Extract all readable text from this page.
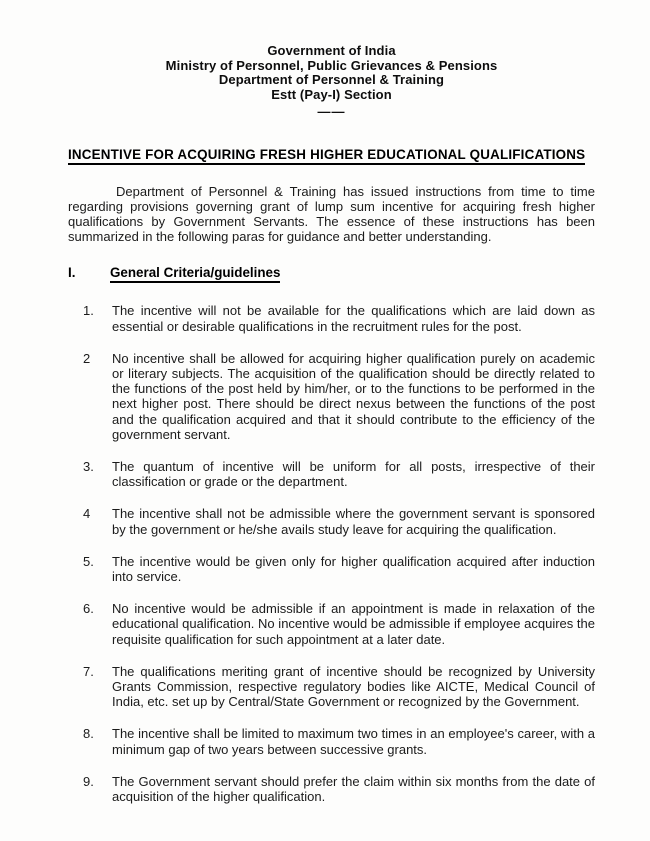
Government of India
Ministry of Personnel, Public Grievances & Pensions
Department of Personnel & Training
Estt (Pay-I) Section
——
INCENTIVE FOR ACQUIRING FRESH HIGHER EDUCATIONAL QUALIFICATIONS

Department of Personnel & Training has issued instructions from time to time regarding provisions governing grant of lump sum incentive for acquiring fresh higher qualifications by Government Servants. The essence of these instructions has been summarized in the following paras for guidance and better understanding.

I.	General Criteria/guidelines
1.	The incentive will not be available for the qualifications which are laid down as essential or desirable qualifications in the recruitment rules for the post.
2	No incentive shall be allowed for acquiring higher qualification purely on academic or literary subjects. The acquisition of the qualification should be directly related to the functions of the post held by him/her, or to the functions to be performed in the next higher post. There should be direct nexus between the functions of the post and the qualification acquired and that it should contribute to the efficiency of the government servant.
3.	The quantum of incentive will be uniform for all posts, irrespective of their classification or grade or the department.
4	The incentive shall not be admissible where the government servant is sponsored by the government or he/she avails study leave for acquiring the qualification.
5.	The incentive would be given only for higher qualification acquired after induction into service.
6.	No incentive would be admissible if an appointment is made in relaxation of the educational qualification. No incentive would be admissible if employee acquires the requisite qualification for such appointment at a later date.
7.	The qualifications meriting grant of incentive should be recognized by University Grants Commission, respective regulatory bodies like AICTE, Medical Council of India, etc. set up by Central/State Government or recognized by the Government.
8.	The incentive shall be limited to maximum two times in an employee's career, with a minimum gap of two years between successive grants.
9.	The Government servant should prefer the claim within six months from the date of acquisition of the higher qualification.
